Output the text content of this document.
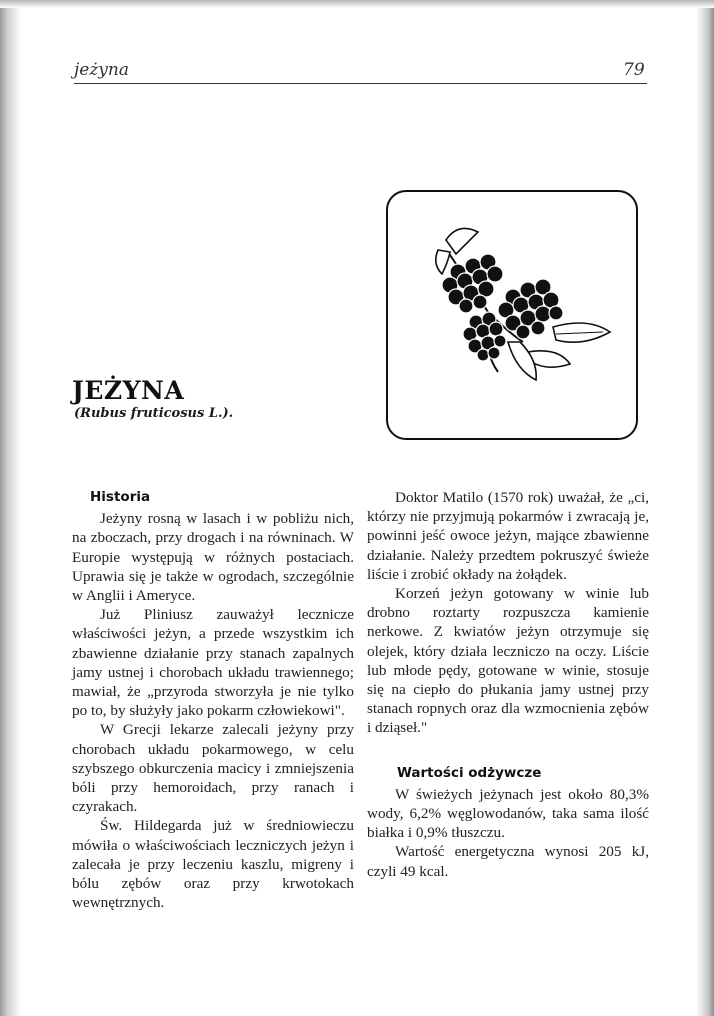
jeżyna	79
JEŻYNA
(Rubus fruticosus L.).
Historia

Jeżyny rosną w lasach i w pobliżu nich, na zboczach, przy drogach i na równinach. W Europie występują w różnych postaciach. Uprawia się je także w ogrodach, szczególnie w Anglii i Ameryce.

Już Pliniusz zauważył lecznicze właściwości jeżyn, a przede wszystkim ich zbawienne działanie przy stanach zapalnych jamy ustnej i chorobach układu trawiennego; mawiał, że „przyroda stworzyła je nie tylko po to, by służyły jako pokarm człowiekowi".

W Grecji lekarze zalecali jeżyny przy chorobach układu pokarmowego, w celu szybszego obkurczenia macicy i zmniejszenia bóli przy hemoroidach, przy ranach i czyrakach.

Św. Hildegarda już w średniowieczu mówiła o właściwościach leczniczych jeżyn i zalecała je przy leczeniu kaszlu, migreny i bólu zębów oraz przy krwotokach wewnętrznych.

Doktor Matilo (1570 rok) uważał, że „ci, którzy nie przyjmują pokarmów i zwracają je, powinni jeść owoce jeżyn, mające zbawienne działanie. Należy przedtem pokruszyć świeże liście i zrobić okłady na żołądek.

Korzeń jeżyn gotowany w winie lub drobno roztarty rozpuszcza kamienie nerkowe. Z kwiatów jeżyn otrzymuje się olejek, który działa leczniczo na oczy. Liście lub młode pędy, gotowane w winie, stosuje się na ciepło do płukania jamy ustnej przy stanach ropnych oraz dla wzmocnienia zębów i dziąseł."

Wartości odżywcze

W świeżych jeżynach jest około 80,3% wody, 6,2% węglowodanów, taka sama ilość białka i 0,9% tłuszczu.

Wartość energetyczna wynosi 205 kJ, czyli 49 kcal.
